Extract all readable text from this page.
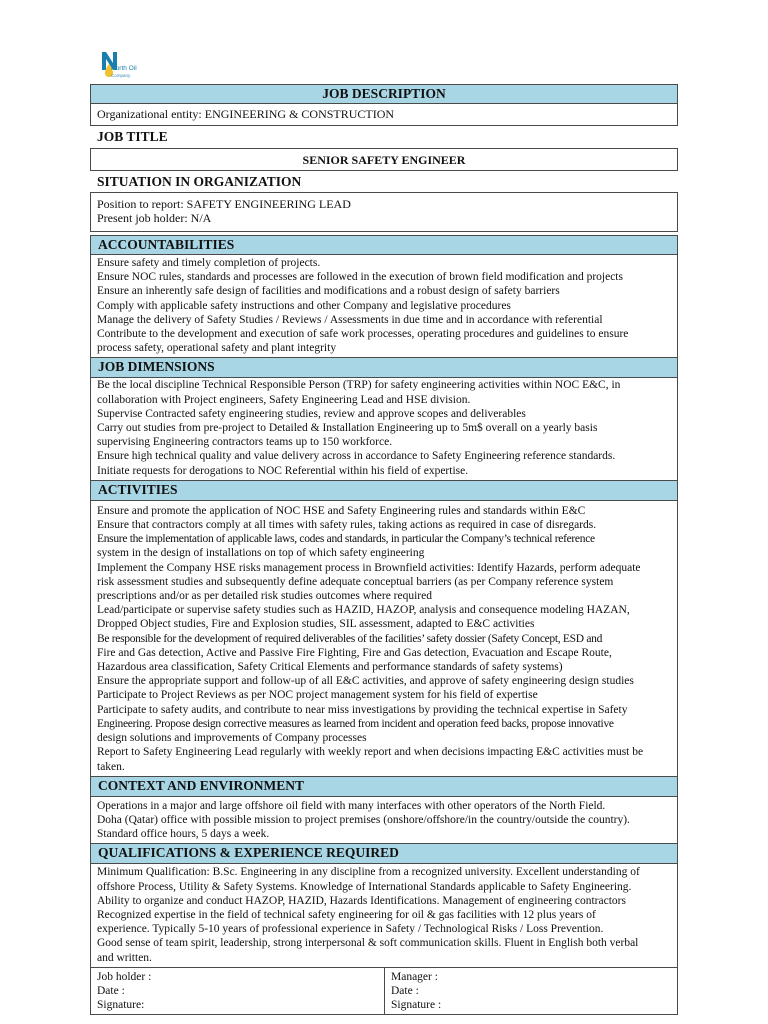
North Oil
Company
JOB DESCRIPTION
Organizational entity: ENGINEERING & CONSTRUCTION
JOB TITLE
SENIOR SAFETY ENGINEER
SITUATION IN ORGANIZATION
Position to report: SAFETY ENGINEERING LEAD
Present job holder: N/A
ACCOUNTABILITIES
Ensure safety and timely completion of projects.
Ensure NOC rules, standards and processes are followed in the execution of brown field modification and projects
Ensure an inherently safe design of facilities and modifications and a robust design of safety barriers
Comply with applicable safety instructions and other Company and legislative procedures
Manage the delivery of Safety Studies / Reviews / Assessments in due time and in accordance with referential
Contribute to the development and execution of safe work processes, operating procedures and guidelines to ensure
process safety, operational safety and plant integrity
JOB DIMENSIONS
Be the local discipline Technical Responsible Person (TRP) for safety engineering activities within NOC E&C, in
collaboration with Project engineers, Safety Engineering Lead and HSE division.
Supervise Contracted safety engineering studies, review and approve scopes and deliverables
Carry out studies from pre-project to Detailed & Installation Engineering up to 5m$ overall on a yearly basis
supervising Engineering contractors teams up to 150 workforce.
Ensure high technical quality and value delivery across in accordance to Safety Engineering reference standards.
Initiate requests for derogations to NOC Referential within his field of expertise.
ACTIVITIES
Ensure and promote the application of NOC HSE and Safety Engineering rules and standards within E&C
Ensure that contractors comply at all times with safety rules, taking actions as required in case of disregards.
Ensure the implementation of applicable laws, codes and standards, in particular the Company’s technical reference
system in the design of installations on top of which safety engineering
Implement the Company HSE risks management process in Brownfield activities: Identify Hazards, perform adequate
risk assessment studies and subsequently define adequate conceptual barriers (as per Company reference system
prescriptions and/or as per detailed risk studies outcomes where required
Lead/participate or supervise safety studies such as HAZID, HAZOP, analysis and consequence modeling HAZAN,
Dropped Object studies, Fire and Explosion studies, SIL assessment, adapted to E&C activities
Be responsible for the development of required deliverables of the facilities’ safety dossier (Safety Concept, ESD and
Fire and Gas detection, Active and Passive Fire Fighting, Fire and Gas detection, Evacuation and Escape Route,
Hazardous area classification, Safety Critical Elements and performance standards of safety systems)
Ensure the appropriate support and follow-up of all E&C activities, and approve of safety engineering design studies
Participate to Project Reviews as per NOC project management system for his field of expertise
Participate to safety audits, and contribute to near miss investigations by providing the technical expertise in Safety
Engineering. Propose design corrective measures as learned from incident and operation feed backs, propose innovative
design solutions and improvements of Company processes
Report to Safety Engineering Lead regularly with weekly report and when decisions impacting E&C activities must be
taken.
CONTEXT AND ENVIRONMENT
Operations in a major and large offshore oil field with many interfaces with other operators of the North Field.
Doha (Qatar) office with possible mission to project premises (onshore/offshore/in the country/outside the country).
Standard office hours, 5 days a week.
QUALIFICATIONS & EXPERIENCE REQUIRED
Minimum Qualification: B.Sc. Engineering in any discipline from a recognized university. Excellent understanding of
offshore Process, Utility & Safety Systems. Knowledge of International Standards applicable to Safety Engineering.
Ability to organize and conduct HAZOP, HAZID, Hazards Identifications. Management of engineering contractors
Recognized expertise in the field of technical safety engineering for oil & gas facilities with 12 plus years of
experience. Typically 5-10 years of professional experience in Safety / Technological Risks / Loss Prevention.
Good sense of team spirit, leadership, strong interpersonal & soft communication skills. Fluent in English both verbal
and written.
Job holder :
Date :
Signature:
Manager :
Date :
Signature :
